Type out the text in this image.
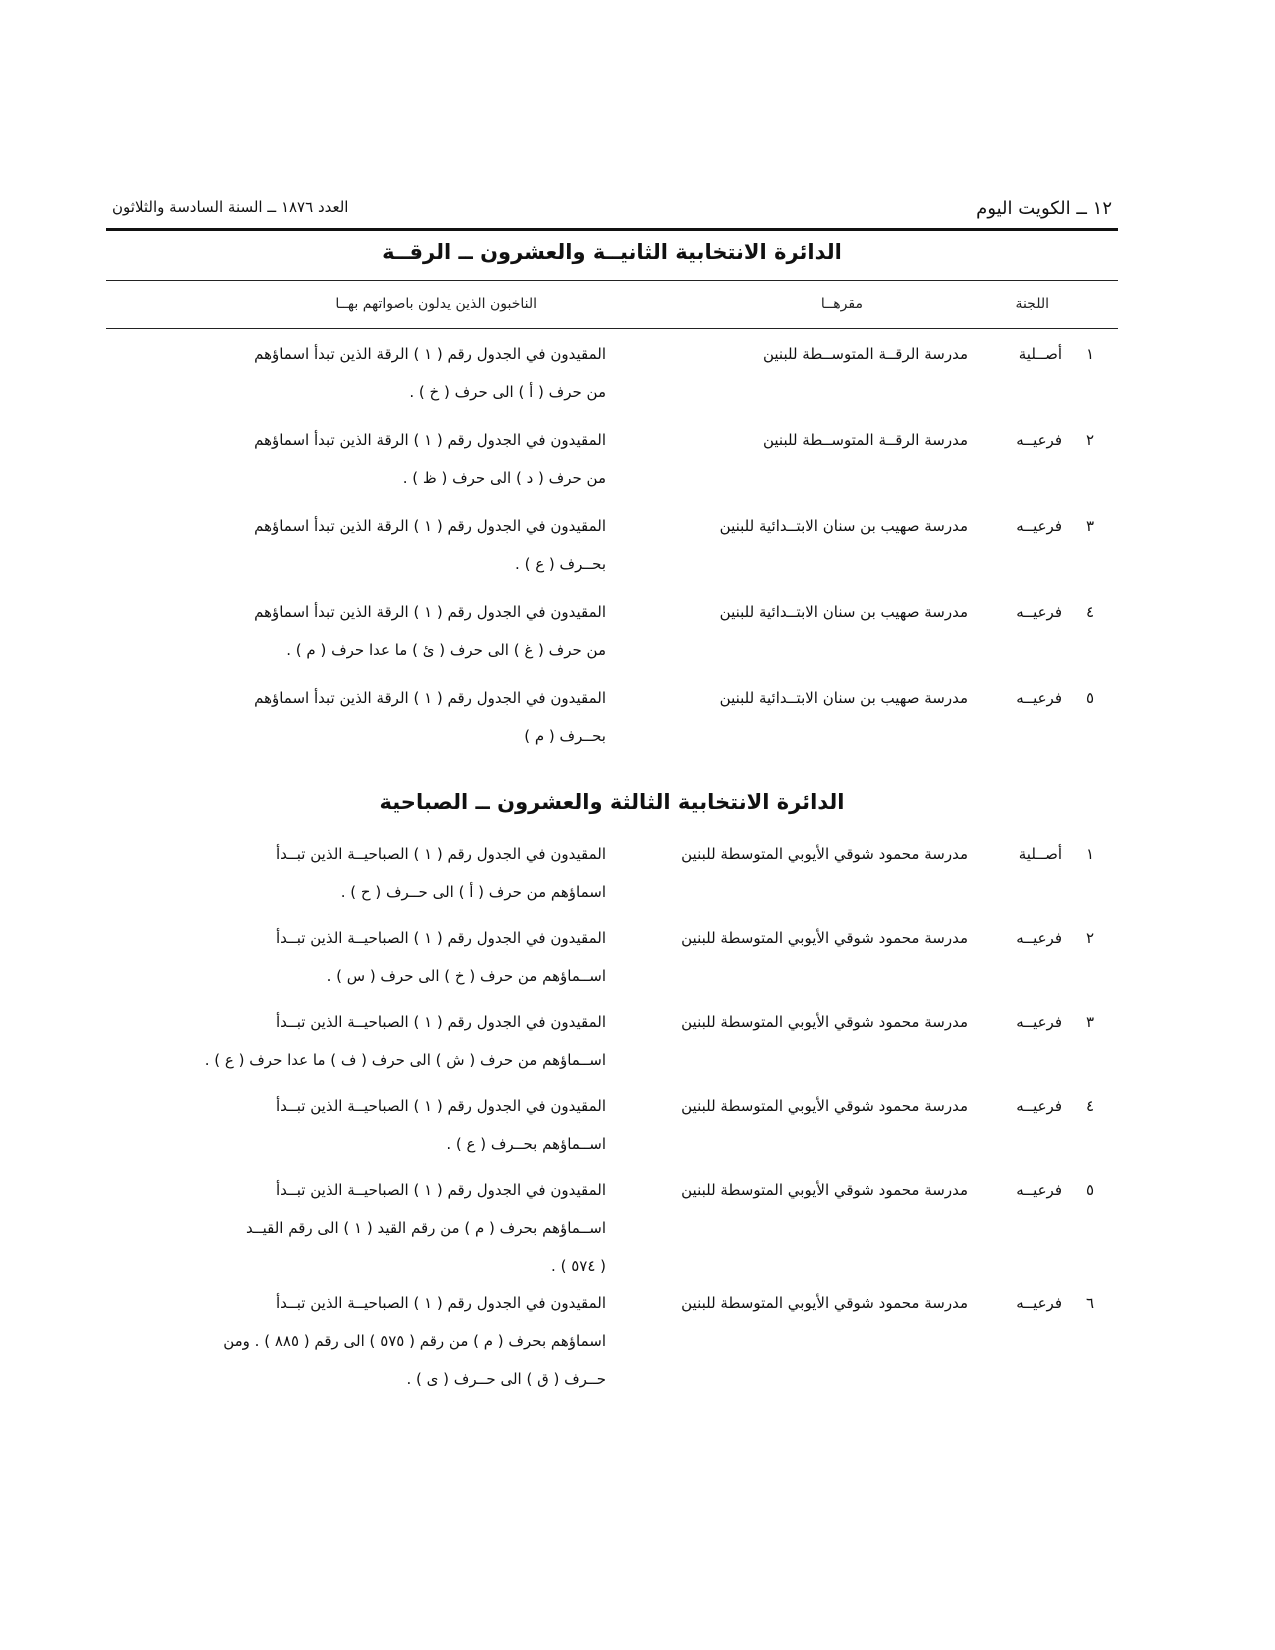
١٢ ــ الكويت اليوم
العدد ١٨٧٦ ــ السنة السادسة والثلاثون
الدائرة الانتخابية الثانيــة والعشرون ــ الرقــة
اللجنة
مقرهــا
الناخبون الذين يدلون باصواتهم بهــا
١
أصــلية
مدرسة الرقــة المتوســطة للبنين
المقيدون في الجدول رقم ( ١ ) الرقة الذين تبدأ اسماؤهم
من حرف ( أ ) الى حرف ( خ ) .
٢
فرعيــه
مدرسة الرقــة المتوســطة للبنين
المقيدون في الجدول رقم ( ١ ) الرقة الذين تبدأ اسماؤهم
من حرف ( د ) الى حرف ( ظ ) .
٣
فرعيــه
مدرسة صهيب بن سنان الابتــدائية للبنين
المقيدون في الجدول رقم ( ١ ) الرقة الذين تبدأ اسماؤهم
بحــرف ( ع ) .
٤
فرعيــه
مدرسة صهيب بن سنان الابتــدائية للبنين
المقيدون في الجدول رقم ( ١ ) الرقة الذين تبدأ اسماؤهم
من حرف ( غ ) الى حرف ( ئ ) ما عدا حرف ( م ) .
٥
فرعيــه
مدرسة صهيب بن سنان الابتــدائية للبنين
المقيدون في الجدول رقم ( ١ ) الرقة الذين تبدأ اسماؤهم
بحــرف ( م )
الدائرة الانتخابية الثالثة والعشرون ــ الصباحية
١
أصــلية
مدرسة محمود شوقي الأيوبي المتوسطة للبنين
المقيدون في الجدول رقم ( ١ ) الصباحيــة الذين تبــدأ
اسماؤهم من حرف ( أ ) الى حــرف ( ح ) .
٢
فرعيــه
مدرسة محمود شوقي الأيوبي المتوسطة للبنين
المقيدون في الجدول رقم ( ١ ) الصباحيــة الذين تبــدأ
اســماؤهم من حرف ( خ ) الى حرف ( س ) .
٣
فرعيــه
مدرسة محمود شوقي الأيوبي المتوسطة للبنين
المقيدون في الجدول رقم ( ١ ) الصباحيــة الذين تبــدأ
اســماؤهم من حرف ( ش ) الى حرف ( ف ) ما عدا حرف ( ع ) .
٤
فرعيــه
مدرسة محمود شوقي الأيوبي المتوسطة للبنين
المقيدون في الجدول رقم ( ١ ) الصباحيــة الذين تبــدأ
اســماؤهم بحــرف ( ع ) .
٥
فرعيــه
مدرسة محمود شوقي الأيوبي المتوسطة للبنين
المقيدون في الجدول رقم ( ١ ) الصباحيــة الذين تبــدأ
اســماؤهم بحرف ( م ) من رقم القيد ( ١ ) الى رقم القيــد
( ٥٧٤ ) .
٦
فرعيــه
مدرسة محمود شوقي الأيوبي المتوسطة للبنين
المقيدون في الجدول رقم ( ١ ) الصباحيــة الذين تبــدأ
اسماؤهم بحرف ( م ) من رقم ( ٥٧٥ ) الى رقم ( ٨٨٥ ) . ومن
حــرف ( ق ) الى حــرف ( ى ) .
